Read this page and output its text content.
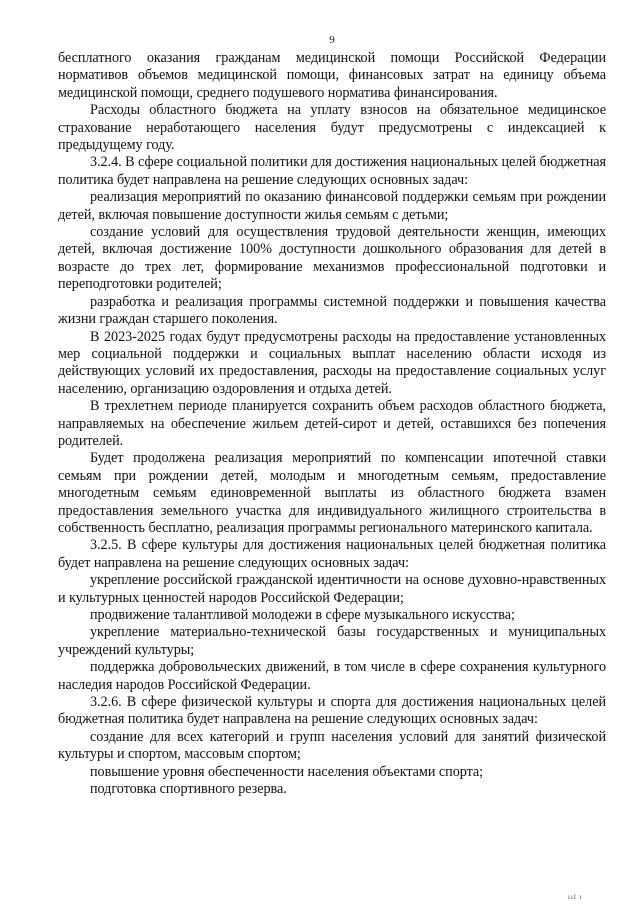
9

бесплатного оказания гражданам медицинской помощи Российской Федерации нормативов объемов медицинской помощи, финансовых затрат на единицу объема медицинской помощи, среднего подушевого норматива финансирования.

Расходы областного бюджета на уплату взносов на обязательное медицинское страхование неработающего населения будут предусмотрены с индексацией к предыдущему году.

3.2.4. В сфере социальной политики для достижения национальных целей бюджетная политика будет направлена на решение следующих основных задач:

реализация мероприятий по оказанию финансовой поддержки семьям при рождении детей, включая повышение доступности жилья семьям с детьми;

создание условий для осуществления трудовой деятельности женщин, имеющих детей, включая достижение 100% доступности дошкольного образования для детей в возрасте до трех лет, формирование механизмов профессиональной подготовки и переподготовки родителей;

разработка и реализация программы системной поддержки и повышения качества жизни граждан старшего поколения.

В 2023-2025 годах будут предусмотрены расходы на предоставление установленных мер социальной поддержки и социальных выплат населению области исходя из действующих условий их предоставления, расходы на предоставление социальных услуг населению, организацию оздоровления и отдыха детей.

В трехлетнем периоде планируется сохранить объем расходов областного бюджета, направляемых на обеспечение жильем детей-сирот и детей, оставшихся без попечения родителей.

Будет продолжена реализация мероприятий по компенсации ипотечной ставки семьям при рождении детей, молодым и многодетным семьям, предоставление многодетным семьям единовременной выплаты из областного бюджета взамен предоставления земельного участка для индивидуального жилищного строительства в собственность бесплатно, реализация программы регионального материнского капитала.

3.2.5. В сфере культуры для достижения национальных целей бюджетная политика будет направлена на решение следующих основных задач:

укрепление российской гражданской идентичности на основе духовно-нравственных и культурных ценностей народов Российской Федерации;

продвижение талантливой молодежи в сфере музыкального искусства;

укрепление материально-технической базы государственных и муниципальных учреждений культуры;

поддержка добровольческих движений, в том числе в сфере сохранения культурного наследия народов Российской Федерации.

3.2.6. В сфере физической культуры и спорта для достижения национальных целей бюджетная политика будет направлена на решение следующих основных задач:

создание для всех категорий и групп населения условий для занятий физической культуры и спортом, массовым спортом;

повышение уровня обеспеченности населения объектами спорта;

подготовка спортивного резерва.

ııl ı
